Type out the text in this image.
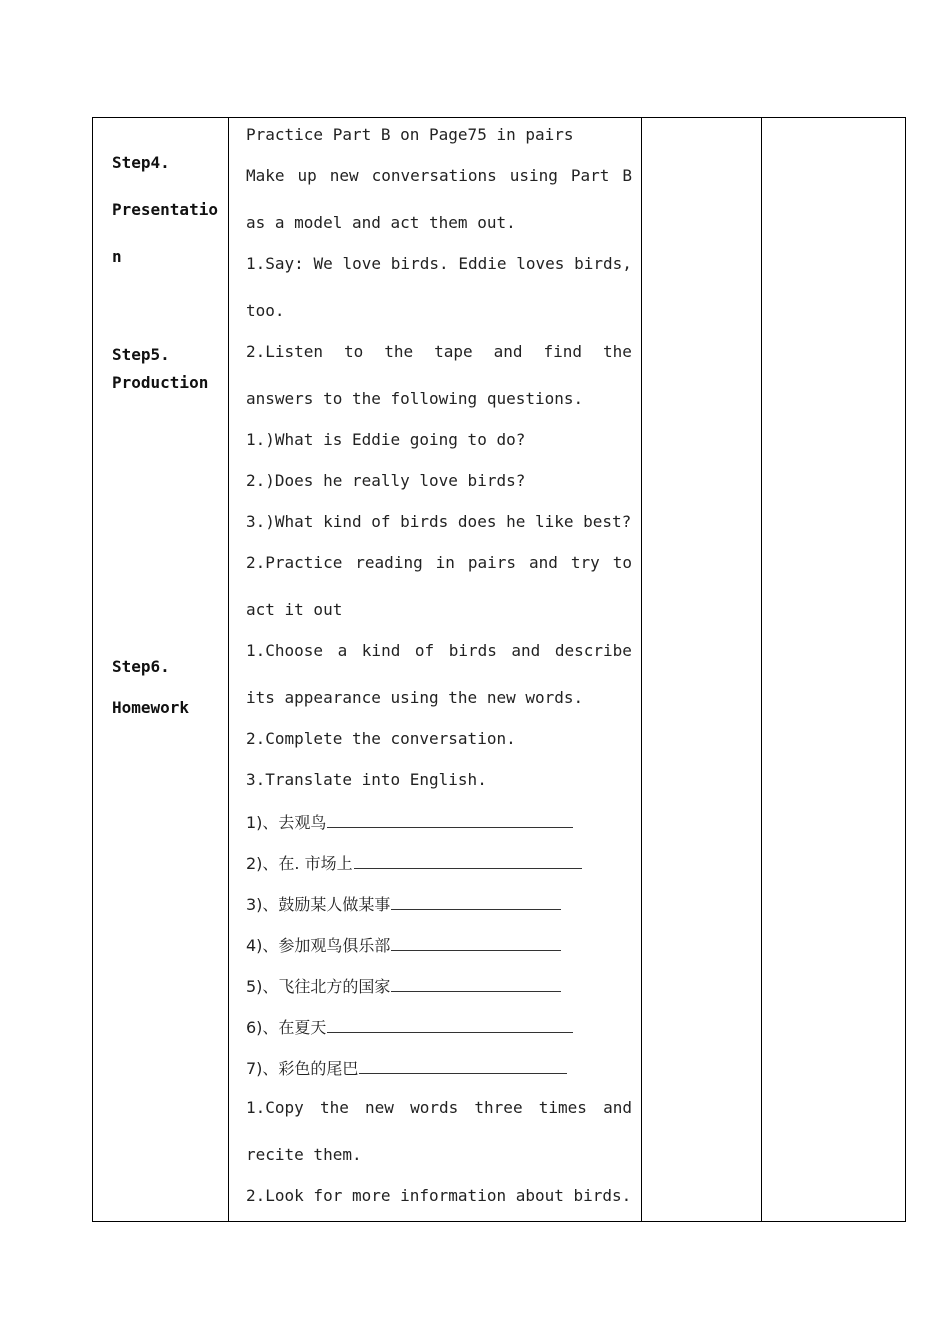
Step4.
Presentatio
n
Step5.
Production
Step6.
Homework
Practice Part B on Page75 in pairs
Make up new conversations using Part B
as a model and act them out.
1.Say: We love birds. Eddie loves birds,
too.
2.Listen to the tape and find the
answers to the following questions.
1.)What is Eddie going to do?
2.)Does he really love birds?
3.)What kind of birds does he like best?
2.Practice reading in pairs and try to
act it out
1.Choose a kind of birds and describe
its appearance using the new words.
2.Complete the conversation.
3.Translate into English.
1)、去观鸟
2)、在. 市场上
3)、鼓励某人做某事
4)、参加观鸟俱乐部
5)、飞往北方的国家
6)、在夏天
7)、彩色的尾巴
1.Copy the new words three times and
recite them.
2.Look for more information about birds.
